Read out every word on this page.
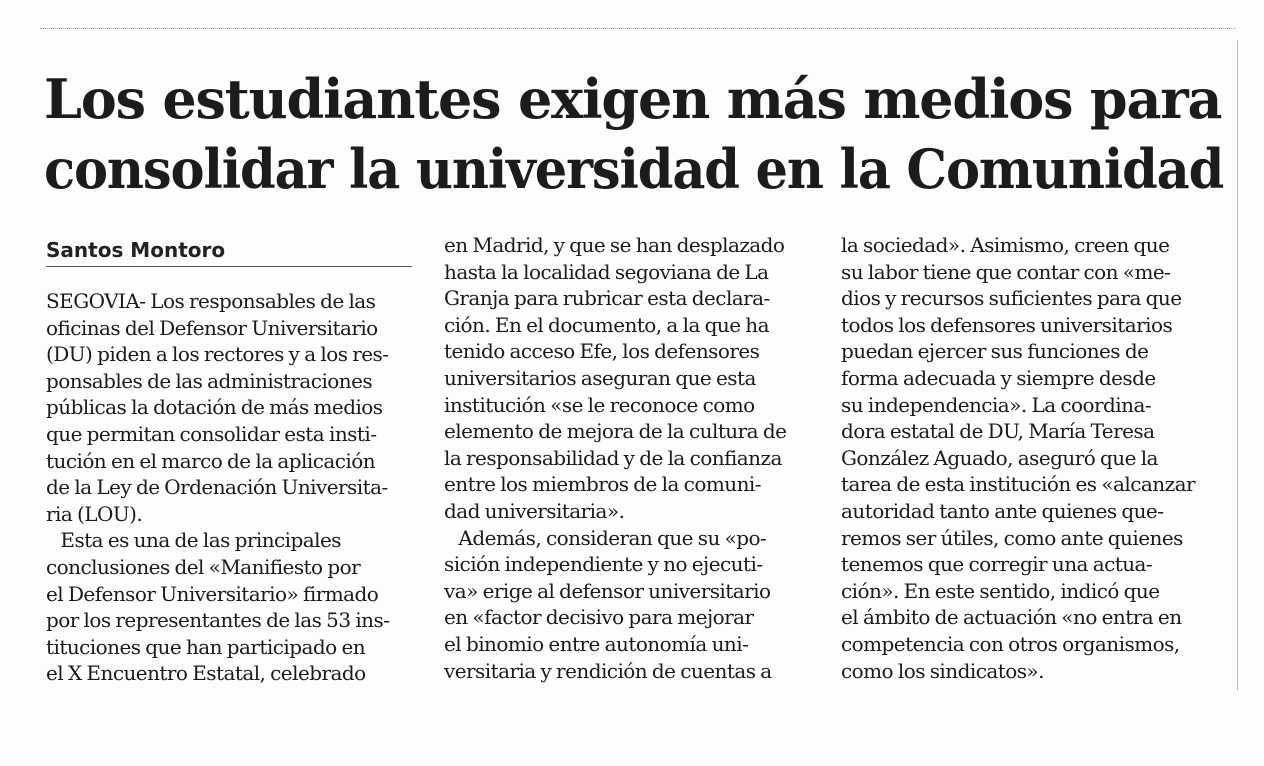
Los estudiantes exigen más medios para
consolidar la universidad en la Comunidad
Santos Montoro
SEGOVIA- Los responsables de las
oficinas del Defensor Universitario
(DU) piden a los rectores y a los res-
ponsables de las administraciones
públicas la dotación de más medios
que permitan consolidar esta insti-
tución en el marco de la aplicación
de la Ley de Ordenación Universita-
ria (LOU).
Esta es una de las principales
conclusiones del «Manifiesto por
el Defensor Universitario» firmado
por los representantes de las 53 ins-
tituciones que han participado en
el X Encuentro Estatal, celebrado
en Madrid, y que se han desplazado
hasta la localidad segoviana de La
Granja para rubricar esta declara-
ción. En el documento, a la que ha
tenido acceso Efe, los defensores
universitarios aseguran que esta
institución «se le reconoce como
elemento de mejora de la cultura de
la responsabilidad y de la confianza
entre los miembros de la comuni-
dad universitaria».
Además, consideran que su «po-
sición independiente y no ejecuti-
va» erige al defensor universitario
en «factor decisivo para mejorar
el binomio entre autonomía uni-
versitaria y rendición de cuentas a
la sociedad». Asimismo, creen que
su labor tiene que contar con «me-
dios y recursos suficientes para que
todos los defensores universitarios
puedan ejercer sus funciones de
forma adecuada y siempre desde
su independencia». La coordina-
dora estatal de DU, María Teresa
González Aguado, aseguró que la
tarea de esta institución es «alcanzar
autoridad tanto ante quienes que-
remos ser útiles, como ante quienes
tenemos que corregir una actua-
ción». En este sentido, indicó que
el ámbito de actuación «no entra en
competencia con otros organismos,
como los sindicatos».
